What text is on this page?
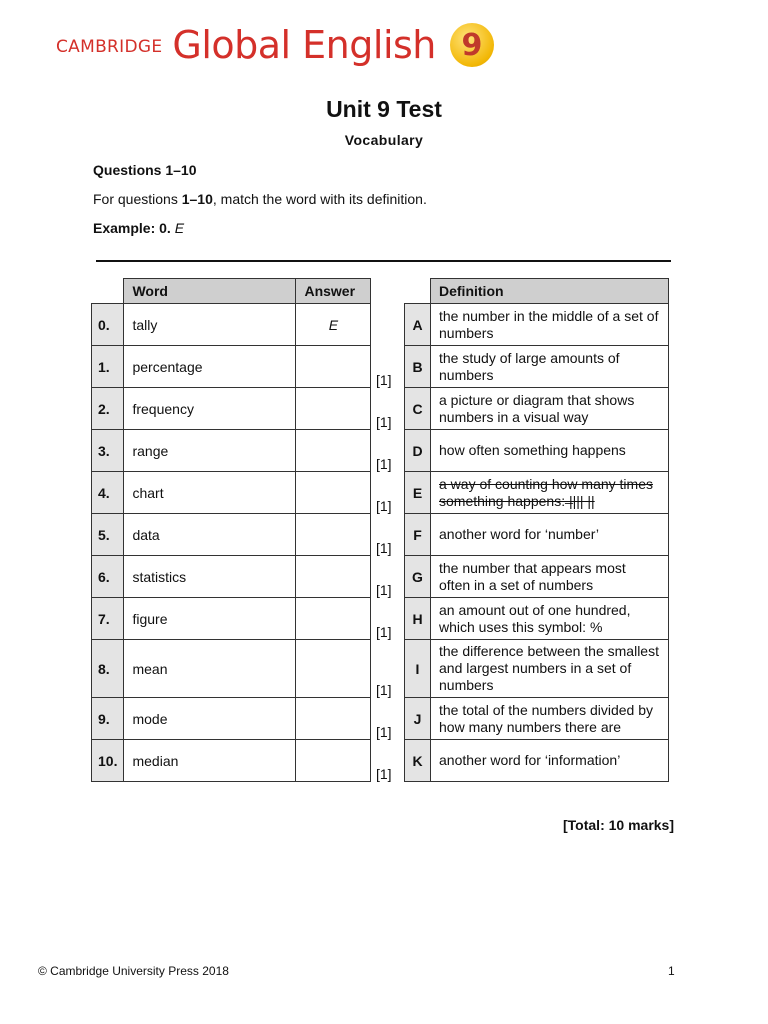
CAMBRIDGE Global English 9
Unit 9 Test
Vocabulary
Questions 1–10
For questions 1–10, match the word with its definition.
Example: 0. E
	Word	Answer
0.	tally	E
1.	percentage	
2.	frequency	
3.	range	
4.	chart	
5.	data	
6.	statistics	
7.	figure	
8.	mean	
9.	mode	
10.	median	
[1]
[1]
[1]
[1]
[1]
[1]
[1]
[1]
[1]
[1]
	Definition
A	the number in the middle of a set of numbers
B	the study of large amounts of numbers
C	a picture or diagram that shows numbers in a visual way
D	how often something happens
E	a way of counting how many times something happens: ̶|||| ||
F	another word for ‘number’
G	the number that appears most often in a set of numbers
H	an amount out of one hundred, which uses this symbol: %
I	the difference between the smallest and largest numbers in a set of numbers
J	the total of the numbers divided by how many numbers there are
K	another word for ‘information’
[Total: 10 marks]
© Cambridge University Press 2018	1
